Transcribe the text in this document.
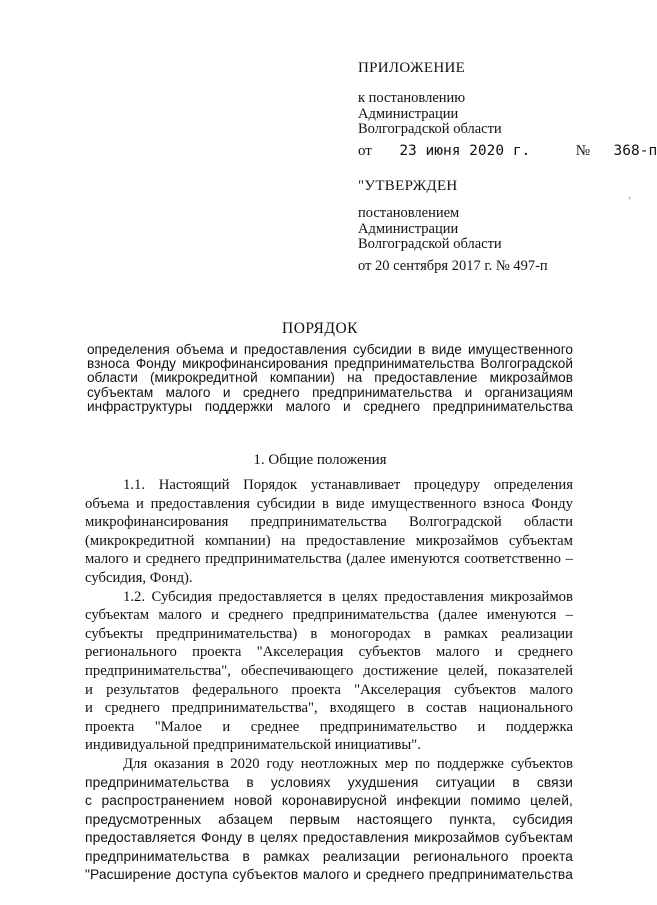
ПРИЛОЖЕНИЕ
к постановлению
Администрации
Волгоградской области
от 23 июня 2020 г.	№ 368-п
‚
"УТВЕРЖДЕН
постановлением
Администрации
Волгоградской области
от 20 сентября 2017 г. № 497-п
ПОРЯДОК
определения объема и предоставления субсидии в виде имущественного
взноса Фонду микрофинансирования предпринимательства Волгоградской
области (микрокредитной компании) на предоставление микрозаймов
субъектам малого и среднего предпринимательства и организациям
инфраструктуры поддержки малого и среднего предпринимательства
1. Общие положения
1.1. Настоящий Порядок устанавливает процедуру определения
объема и предоставления субсидии в виде имущественного взноса Фонду
микрофинансирования предпринимательства Волгоградской области
(микрокредитной компании) на предоставление микрозаймов субъектам
малого и среднего предпринимательства (далее именуются соответственно –
субсидия, Фонд).
1.2. Субсидия предоставляется в целях предоставления микрозаймов
субъектам малого и среднего предпринимательства (далее именуются –
субъекты предпринимательства) в моногородах в рамках реализации
регионального проекта "Акселерация субъектов малого и среднего
предпринимательства", обеспечивающего достижение целей, показателей
и результатов федерального проекта "Акселерация субъектов малого
и среднего предпринимательства", входящего в состав национального
проекта "Малое и среднее предпринимательство и поддержка
индивидуальной предпринимательской инициативы".
Для оказания в 2020 году неотложных мер по поддержке субъектов
предпринимательства в условиях ухудшения ситуации в связи
с распространением новой коронавирусной инфекции помимо целей,
предусмотренных абзацем первым настоящего пункта, субсидия
предоставляется Фонду в целях предоставления микрозаймов субъектам
предпринимательства в рамках реализации регионального проекта
"Расширение доступа субъектов малого и среднего предпринимательства
